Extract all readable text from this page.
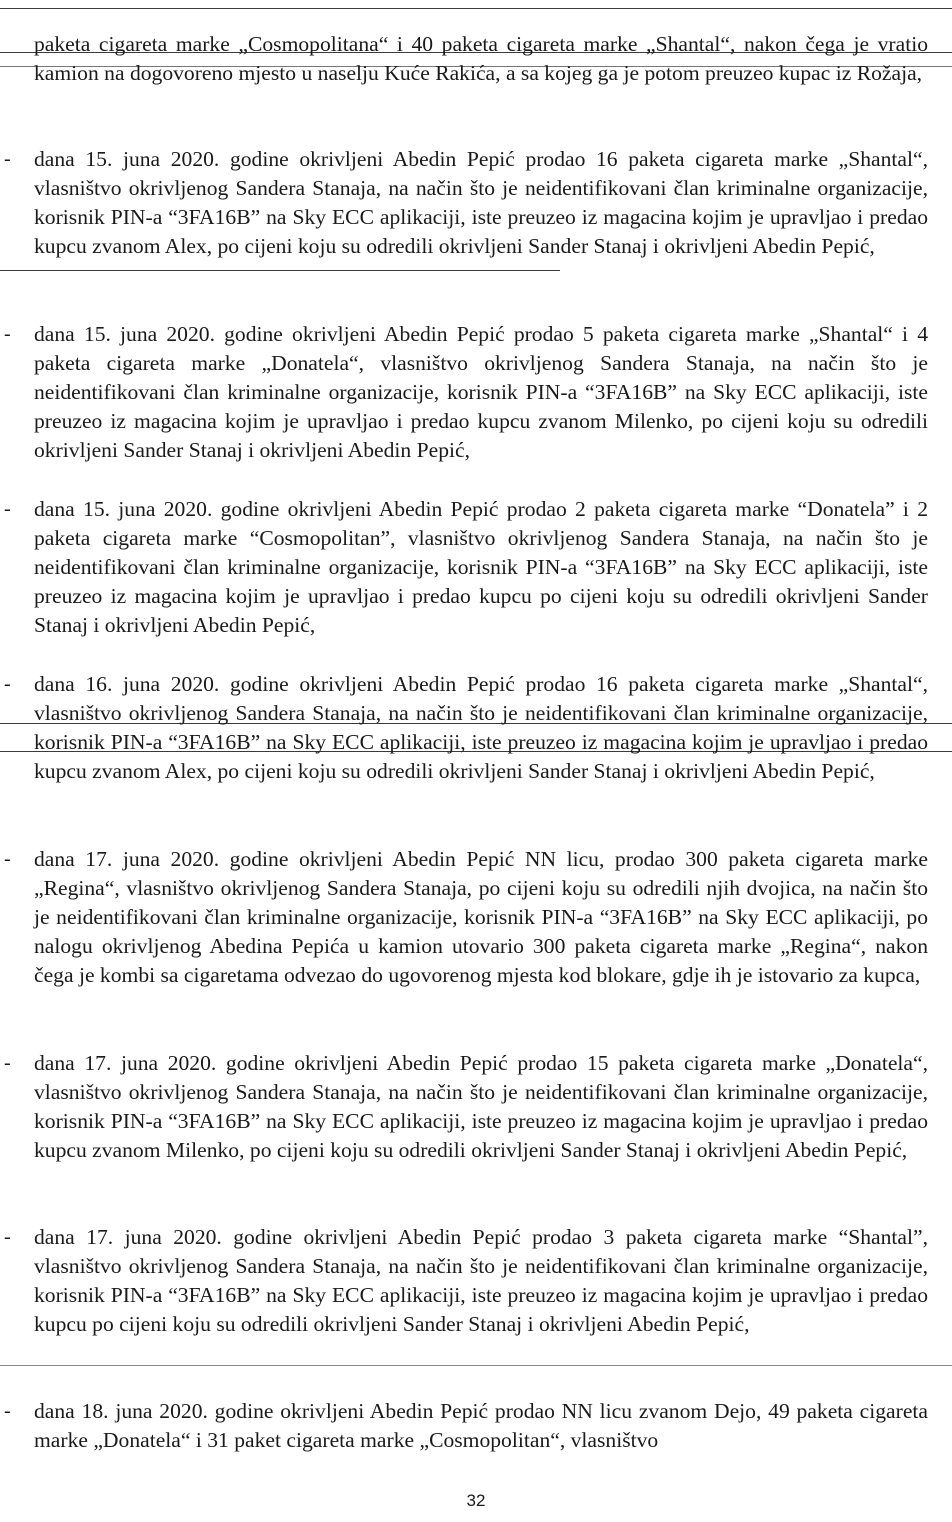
paketa cigareta marke „Cosmopolitana“ i 40 paketa cigareta marke „Shantal“, nakon čega je vratio kamion na dogovoreno mjesto u naselju Kuće Rakića, a sa kojeg ga je potom preuzeo kupac iz Rožaja,

- dana 15. juna 2020. godine okrivljeni Abedin Pepić prodao 16 paketa cigareta marke „Shantal“, vlasništvo okrivljenog Sandera Stanaja, na način što je neidentifikovani član kriminalne organizacije, korisnik PIN-a “3FA16B” na Sky ECC aplikaciji, iste preuzeo iz magacina kojim je upravljao i predao kupcu zvanom Alex, po cijeni koju su odredili okrivljeni Sander Stanaj i okrivljeni Abedin Pepić,

- dana 15. juna 2020. godine okrivljeni Abedin Pepić prodao 5 paketa cigareta marke „Shantal“ i 4 paketa cigareta marke „Donatela“, vlasništvo okrivljenog Sandera Stanaja, na način što je neidentifikovani član kriminalne organizacije, korisnik PIN-a “3FA16B” na Sky ECC aplikaciji, iste preuzeo iz magacina kojim je upravljao i predao kupcu zvanom Milenko, po cijeni koju su odredili okrivljeni Sander Stanaj i okrivljeni Abedin Pepić,

- dana 15. juna 2020. godine okrivljeni Abedin Pepić prodao 2 paketa cigareta marke “Donatela” i 2 paketa cigareta marke “Cosmopolitan”, vlasništvo okrivljenog Sandera Stanaja, na način što je neidentifikovani član kriminalne organizacije, korisnik PIN-a “3FA16B” na Sky ECC aplikaciji, iste preuzeo iz magacina kojim je upravljao i predao kupcu po cijeni koju su odredili okrivljeni Sander Stanaj i okrivljeni Abedin Pepić,

- dana 16. juna 2020. godine okrivljeni Abedin Pepić prodao 16 paketa cigareta marke „Shantal“, vlasništvo okrivljenog Sandera Stanaja, na način što je neidentifikovani član kriminalne organizacije, korisnik PIN-a “3FA16B” na Sky ECC aplikaciji, iste preuzeo iz magacina kojim je upravljao i predao kupcu zvanom Alex, po cijeni koju su odredili okrivljeni Sander Stanaj i okrivljeni Abedin Pepić,

- dana 17. juna 2020. godine okrivljeni Abedin Pepić NN licu, prodao 300 paketa cigareta marke „Regina“, vlasništvo okrivljenog Sandera Stanaja, po cijeni koju su odredili njih dvojica, na način što je neidentifikovani član kriminalne organizacije, korisnik PIN-a “3FA16B” na Sky ECC aplikaciji, po nalogu okrivljenog Abedina Pepića u kamion utovario 300 paketa cigareta marke „Regina“, nakon čega je kombi sa cigaretama odvezao do ugovorenog mjesta kod blokare, gdje ih je istovario za kupca,

- dana 17. juna 2020. godine okrivljeni Abedin Pepić prodao 15 paketa cigareta marke „Donatela“, vlasništvo okrivljenog Sandera Stanaja, na način što je neidentifikovani član kriminalne organizacije, korisnik PIN-a “3FA16B” na Sky ECC aplikaciji, iste preuzeo iz magacina kojim je upravljao i predao kupcu zvanom Milenko, po cijeni koju su odredili okrivljeni Sander Stanaj i okrivljeni Abedin Pepić,

- dana 17. juna 2020. godine okrivljeni Abedin Pepić prodao 3 paketa cigareta marke “Shantal”, vlasništvo okrivljenog Sandera Stanaja, na način što je neidentifikovani član kriminalne organizacije, korisnik PIN-a “3FA16B” na Sky ECC aplikaciji, iste preuzeo iz magacina kojim je upravljao i predao kupcu po cijeni koju su odredili okrivljeni Sander Stanaj i okrivljeni Abedin Pepić,

- dana 18. juna 2020. godine okrivljeni Abedin Pepić prodao NN licu zvanom Dejo, 49 paketa cigareta marke „Donatela“ i 31 paket cigareta marke „Cosmopolitan“, vlasništvo

32
